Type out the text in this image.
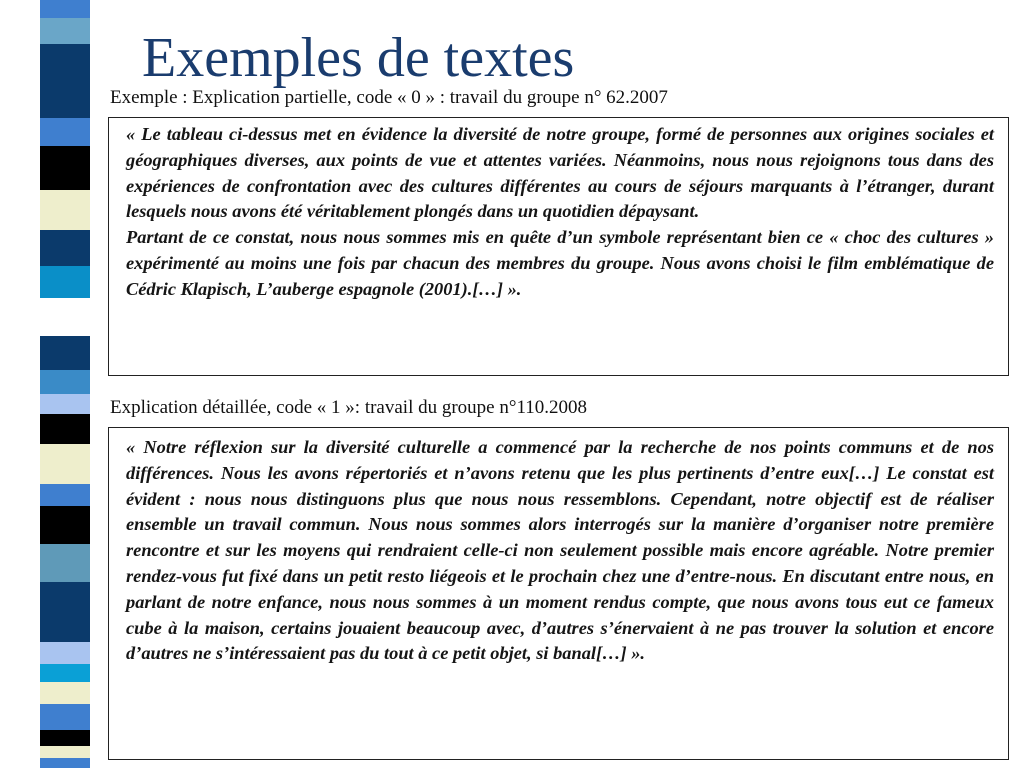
Exemples de textes
Exemple : Explication partielle, code « 0 » : travail du groupe n° 62.2007

« Le tableau ci-dessus met en évidence la diversité de notre groupe, formé de personnes aux origines sociales et géographiques diverses, aux points de vue et attentes variées. Néanmoins, nous nous rejoignons tous dans des expériences de confrontation avec des cultures différentes au cours de séjours marquants à l’étranger, durant lesquels nous avons été véritablement plongés dans un quotidien dépaysant.
Partant de ce constat, nous nous sommes mis en quête d’un symbole représentant bien ce « choc des cultures » expérimenté au moins une fois par chacun des membres du groupe. Nous avons choisi le film emblématique de Cédric Klapisch, L’auberge espagnole (2001).[…] ».

Explication détaillée, code « 1 »: travail du groupe n°110.2008

« Notre réflexion sur la diversité culturelle a commencé par la recherche de nos points communs et de nos différences. Nous les avons répertoriés et n’avons retenu que les plus pertinents d’entre eux[…] Le constat est évident : nous nous distinguons plus que nous nous ressemblons. Cependant, notre objectif est de réaliser ensemble un travail commun. Nous nous sommes alors interrogés sur la manière d’organiser notre première rencontre et sur les moyens qui rendraient celle-ci non seulement possible mais encore agréable. Notre premier rendez-vous fut fixé dans un petit resto liégeois et le prochain chez une d’entre-nous. En discutant entre nous, en parlant de notre enfance, nous nous sommes à un moment rendus compte, que nous avons tous eut ce fameux cube à la maison, certains jouaient beaucoup avec, d’autres s’énervaient à ne pas trouver la solution et encore d’autres ne s’intéressaient pas du tout à ce petit objet, si banal[…] ».
